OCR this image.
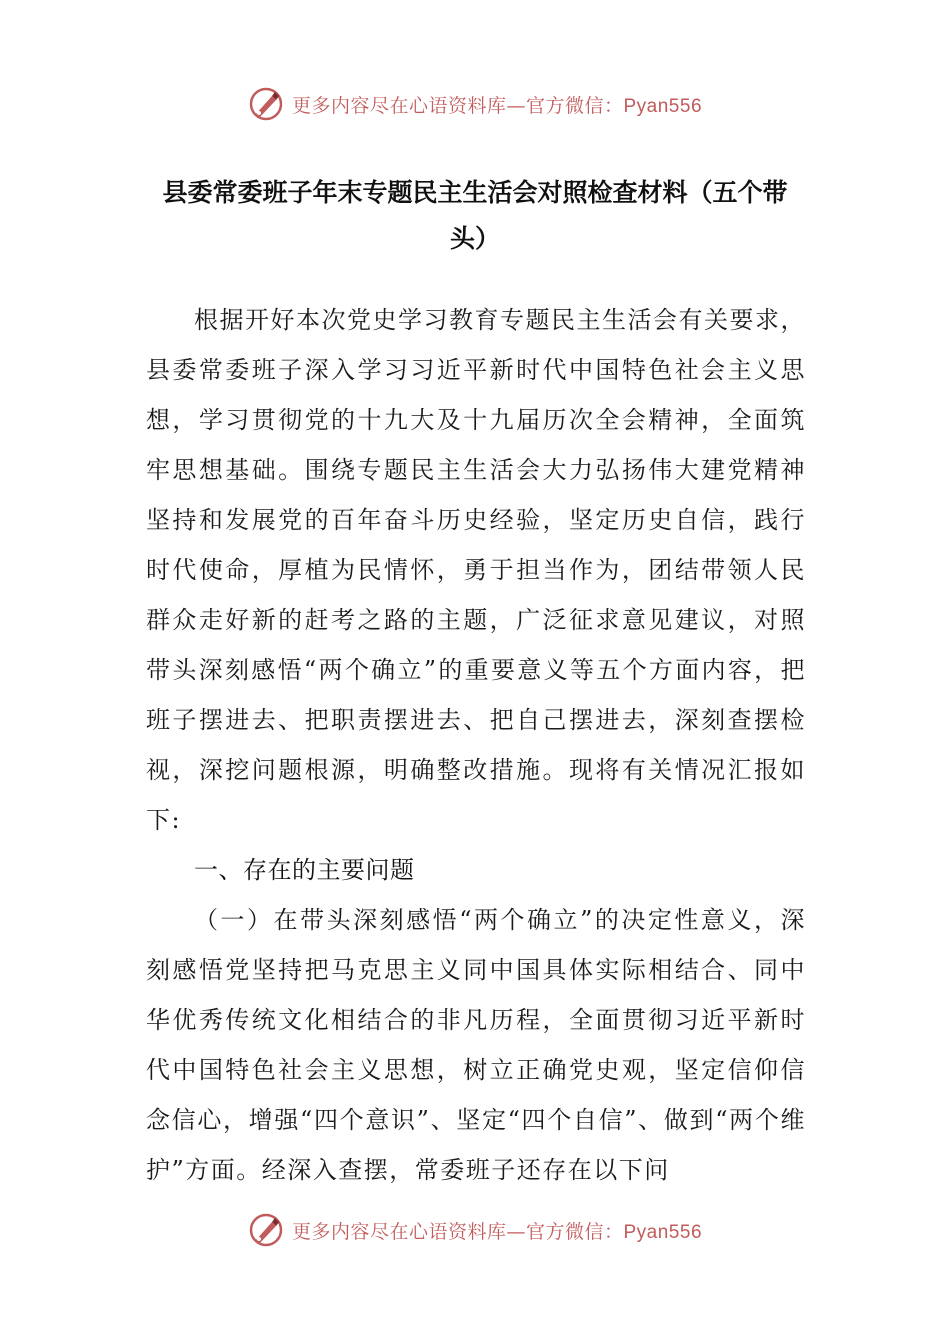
更多内容尽在心语资料库—官方微信：Pyan556
县委常委班子年末专题民主生活会对照检查材料（五个带头）

根据开好本次党史学习教育专题民主生活会有关要求，县委常委班子深入学习习近平新时代中国特色社会主义思想，学习贯彻党的十九大及十九届历次全会精神，全面筑牢思想基础。围绕专题民主生活会大力弘扬伟大建党精神坚持和发展党的百年奋斗历史经验，坚定历史自信，践行时代使命，厚植为民情怀，勇于担当作为，团结带领人民群众走好新的赶考之路的主题，广泛征求意见建议，对照带头深刻感悟“两个确立”的重要意义等五个方面内容，把班子摆进去、把职责摆进去、把自己摆进去，深刻查摆检视，深挖问题根源，明确整改措施。现将有关情况汇报如下:

一、存在的主要问题

（一）在带头深刻感悟“两个确立”的决定性意义，深刻感悟党坚持把马克思主义同中国具体实际相结合、同中华优秀传统文化相结合的非凡历程，全面贯彻习近平新时代中国特色社会主义思想，树立正确党史观，坚定信仰信念信心，增强“四个意识”、坚定“四个自信”、做到“两个维护”方面。经深入查摆，常委班子还存在以下问

更多内容尽在心语资料库—官方微信：Pyan556
